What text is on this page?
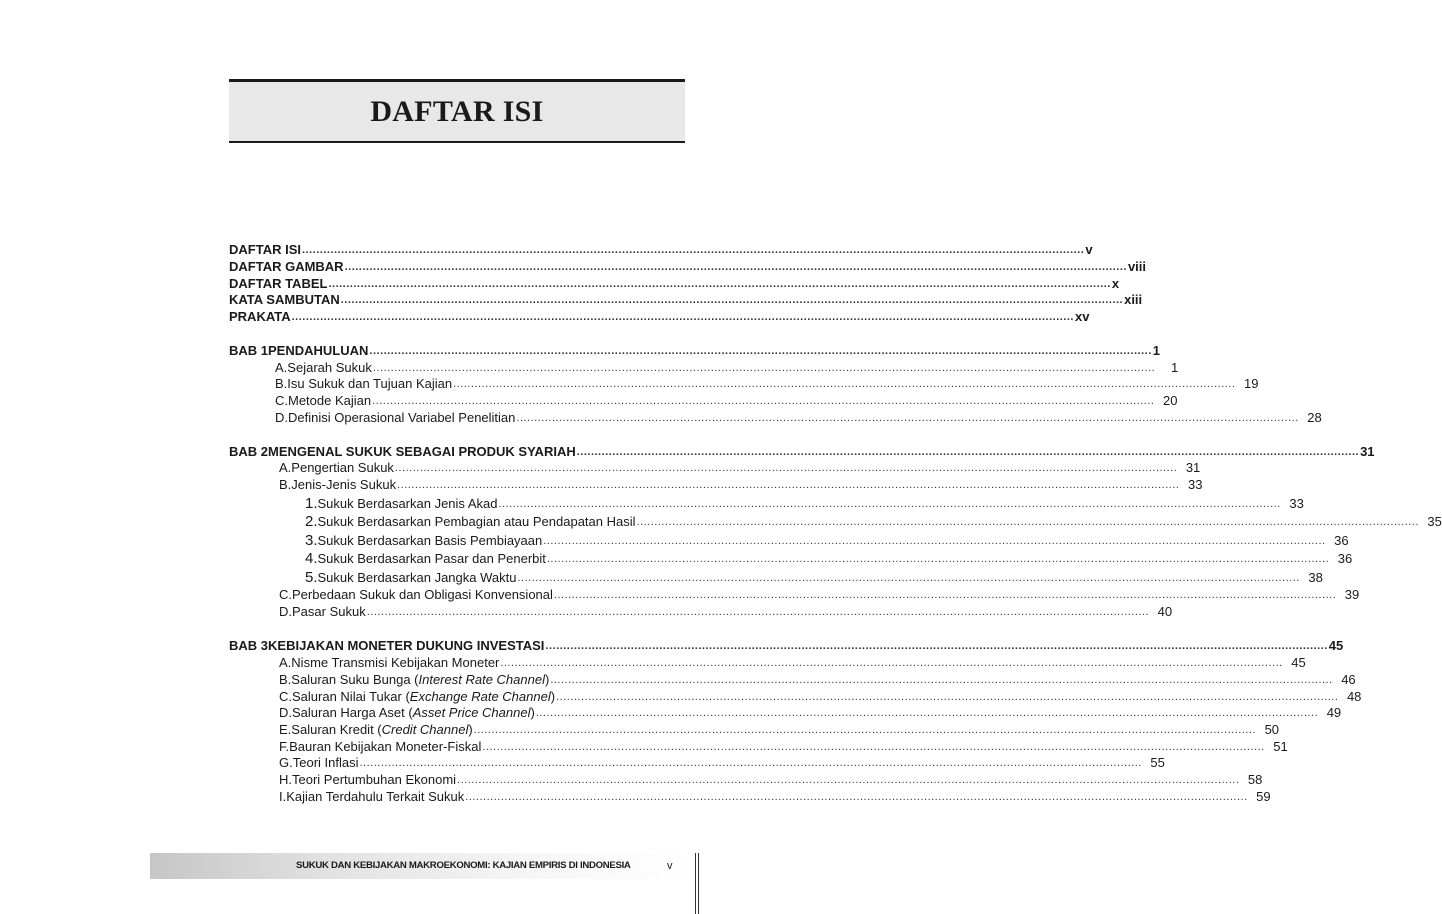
DAFTAR ISI
DAFTAR ISI ............................................................................................................................................................................................................................ v
DAFTAR GAMBAR ............................................................................................................................................................................................................................ viii
DAFTAR TABEL ............................................................................................................................................................................................................................ x
KATA SAMBUTAN ............................................................................................................................................................................................................................ xiii
PRAKATA ............................................................................................................................................................................................................................ xv
BAB 1 PENDAHULUAN ............................................................................................................................................................................................................................ 1
A. Sejarah Sukuk ............................................................................................................................................................................................................................	1
B. Isu Sukuk dan Tujuan Kajian ............................................................................................................................................................................................................................ 19
C. Metode Kajian ............................................................................................................................................................................................................................ 20
D. Definisi Operasional Variabel Penelitian ............................................................................................................................................................................................................................ 28
BAB 2 MENGENAL SUKUK SEBAGAI PRODUK SYARIAH ............................................................................................................................................................................................................................ 31
A. Pengertian Sukuk ............................................................................................................................................................................................................................ 31
B. Jenis-Jenis Sukuk ............................................................................................................................................................................................................................ 33
1. Sukuk Berdasarkan Jenis Akad ............................................................................................................................................................................................................................ 33
2. Sukuk Berdasarkan Pembagian atau Pendapatan Hasil ............................................................................................................................................................................................................................ 35
3. Sukuk Berdasarkan Basis Pembiayaan ............................................................................................................................................................................................................................ 36
4. Sukuk Berdasarkan Pasar dan Penerbit ............................................................................................................................................................................................................................ 36
5. Sukuk Berdasarkan Jangka Waktu ............................................................................................................................................................................................................................ 38
C. Perbedaan Sukuk dan Obligasi Konvensional ............................................................................................................................................................................................................................ 39
D. Pasar Sukuk ............................................................................................................................................................................................................................ 40
BAB 3 KEBIJAKAN MONETER DUKUNG INVESTASI ............................................................................................................................................................................................................................ 45
A. Nisme Transmisi Kebijakan Moneter ............................................................................................................................................................................................................................ 45
B. Saluran Suku Bunga (Interest Rate Channel) ............................................................................................................................................................................................................................ 46
C. Saluran Nilai Tukar (Exchange Rate Channel) ............................................................................................................................................................................................................................ 48
D. Saluran Harga Aset (Asset Price Channel) ............................................................................................................................................................................................................................ 49
E. Saluran Kredit (Credit Channel) ............................................................................................................................................................................................................................ 50
F. Bauran Kebijakan Moneter-Fiskal ............................................................................................................................................................................................................................ 51
G. Teori Inflasi ............................................................................................................................................................................................................................ 55
H. Teori Pertumbuhan Ekonomi ............................................................................................................................................................................................................................ 58
I. Kajian Terdahulu Terkait Sukuk ............................................................................................................................................................................................................................ 59
SUKUK DAN KEBIJAKAN MAKROEKONOMI: KAJIAN EMPIRIS DI INDONESIA	v
